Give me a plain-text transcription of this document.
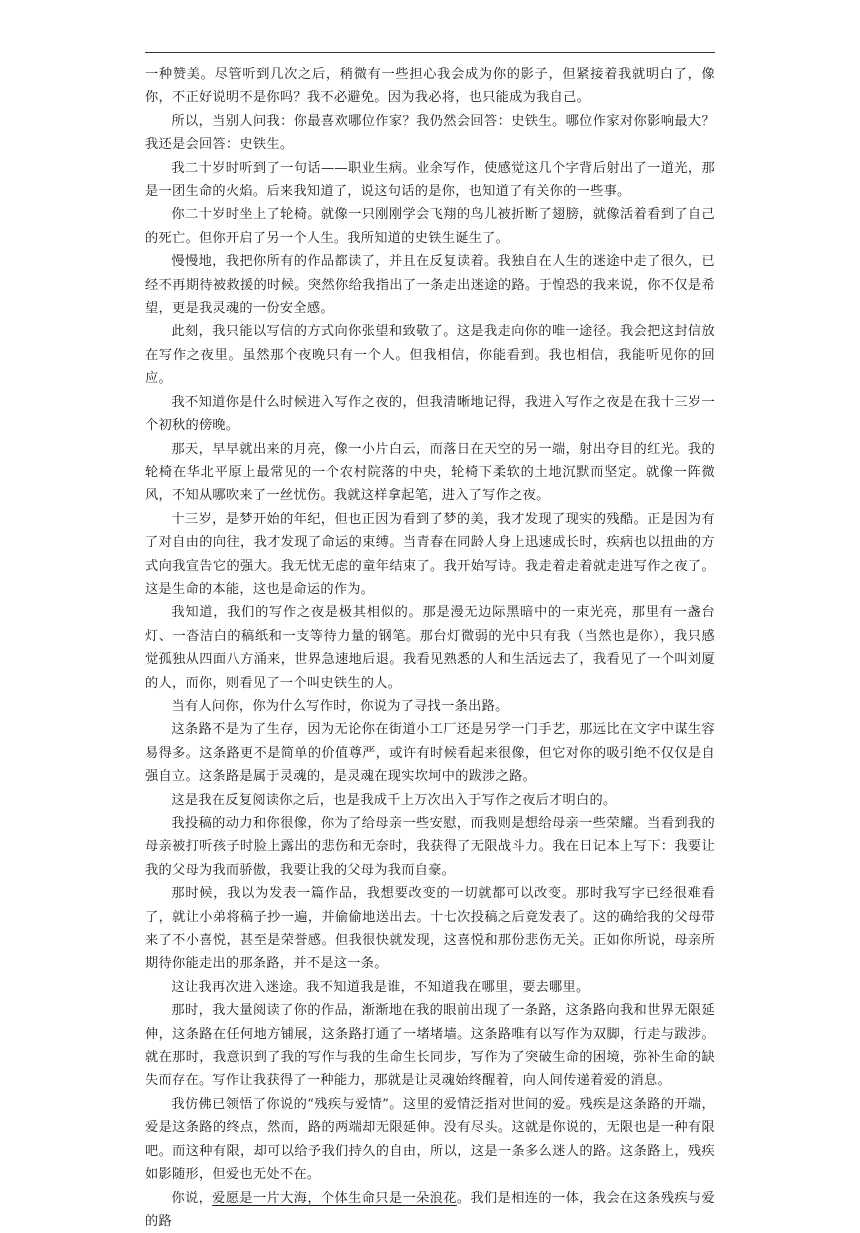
一种赞美。尽管听到几次之后，稍微有一些担心我会成为你的影子，但紧接着我就明白了，像你，不正好说明不是你吗？我不必避免。因为我必将，也只能成为我自己。

所以，当别人问我：你最喜欢哪位作家？我仍然会回答：史铁生。哪位作家对你影响最大？我还是会回答：史铁生。

我二十岁时听到了一句话——职业生病。业余写作，使感觉这几个字背后射出了一道光，那是一团生命的火焰。后来我知道了，说这句话的是你，也知道了有关你的一些事。

你二十岁时坐上了轮椅。就像一只刚刚学会飞翔的鸟儿被折断了翅膀，就像活着看到了自己的死亡。但你开启了另一个人生。我所知道的史铁生诞生了。

慢慢地，我把你所有的作品都读了，并且在反复读着。我独自在人生的迷途中走了很久，已经不再期待被救援的时候。突然你给我指出了一条走出迷途的路。于惶恐的我来说，你不仅是希望，更是我灵魂的一份安全感。

此刻，我只能以写信的方式向你张望和致敬了。这是我走向你的唯一途径。我会把这封信放在写作之夜里。虽然那个夜晚只有一个人。但我相信，你能看到。我也相信，我能听见你的回应。

我不知道你是什么时候进入写作之夜的，但我清晰地记得，我进入写作之夜是在我十三岁一个初秋的傍晚。

那天，早早就出来的月亮，像一小片白云，而落日在天空的另一端，射出夺目的红光。我的轮椅在华北平原上最常见的一个农村院落的中央，轮椅下柔软的土地沉默而坚定。就像一阵微风，不知从哪吹来了一丝忧伤。我就这样拿起笔，进入了写作之夜。

十三岁，是梦开始的年纪，但也正因为看到了梦的美，我才发现了现实的残酷。正是因为有了对自由的向往，我才发现了命运的束缚。当青春在同龄人身上迅速成长时，疾病也以扭曲的方式向我宣告它的强大。我无忧无虑的童年结束了。我开始写诗。我走着走着就走进写作之夜了。这是生命的本能，这也是命运的作为。

我知道，我们的写作之夜是极其相似的。那是漫无边际黑暗中的一束光亮，那里有一盏台灯、一沓洁白的稿纸和一支等待力量的钢笔。那台灯微弱的光中只有我（当然也是你），我只感觉孤独从四面八方涌来，世界急速地后退。我看见熟悉的人和生活远去了，我看见了一个叫刘厦的人，而你，则看见了一个叫史铁生的人。

当有人问你，你为什么写作时，你说为了寻找一条出路。

这条路不是为了生存，因为无论你在街道小工厂还是另学一门手艺，那远比在文字中谋生容易得多。这条路更不是简单的价值尊严，或许有时候看起来很像，但它对你的吸引绝不仅仅是自强自立。这条路是属于灵魂的，是灵魂在现实坎坷中的跋涉之路。

这是我在反复阅读你之后，也是我成千上万次出入于写作之夜后才明白的。

我投稿的动力和你很像，你为了给母亲一些安慰，而我则是想给母亲一些荣耀。当看到我的母亲被打听孩子时脸上露出的悲伤和无奈时，我获得了无限战斗力。我在日记本上写下：我要让我的父母为我而骄傲，我要让我的父母为我而自豪。

那时候，我以为发表一篇作品，我想要改变的一切就都可以改变。那时我写字已经很难看了，就让小弟将稿子抄一遍，并偷偷地送出去。十七次投稿之后竟发表了。这的确给我的父母带来了不小喜悦，甚至是荣誉感。但我很快就发现，这喜悦和那份悲伤无关。正如你所说，母亲所期待你能走出的那条路，并不是这一条。

这让我再次进入迷途。我不知道我是谁，不知道我在哪里，要去哪里。

那时，我大量阅读了你的作品，渐渐地在我的眼前出现了一条路，这条路向我和世界无限延伸，这条路在任何地方铺展，这条路打通了一堵堵墙。这条路唯有以写作为双脚，行走与跋涉。就在那时，我意识到了我的写作与我的生命生长同步，写作为了突破生命的困境，弥补生命的缺失而存在。写作让我获得了一种能力，那就是让灵魂始终醒着，向人间传递着爱的消息。

我仿佛已领悟了你说的“残疾与爱情”。这里的爱情泛指对世间的爱。残疾是这条路的开端，爱是这条路的终点，然而，路的两端却无限延伸。没有尽头。这就是你说的，无限也是一种有限吧。而这种有限，却可以给予我们持久的自由，所以，这是一条多么迷人的路。这条路上，残疾如影随形，但爱也无处不在。

你说，爱愿是一片大海，个体生命只是一朵浪花。我们是相连的一体，我会在这条残疾与爱的路
